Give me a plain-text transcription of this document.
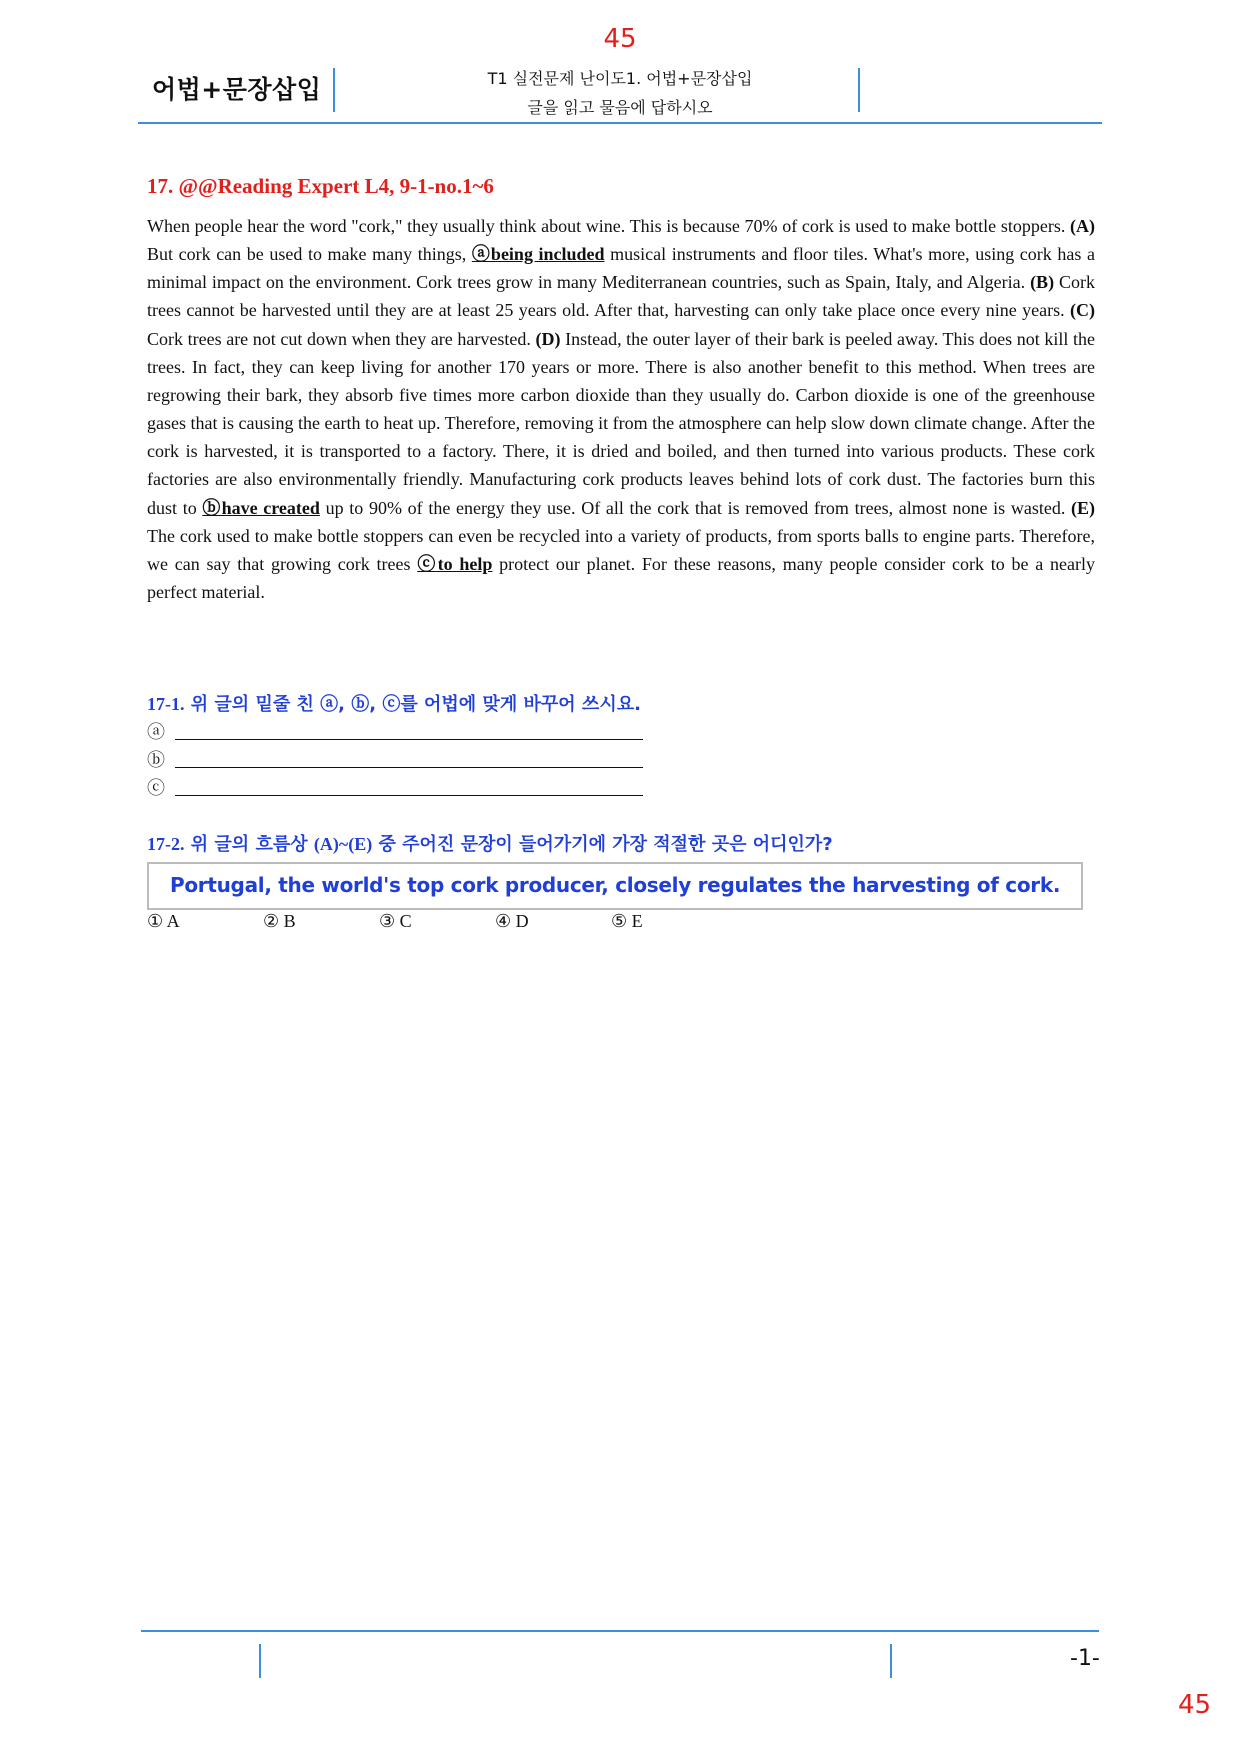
45
어법+문장삽입	T1 실전문제 난이도1. 어법+문장삽입
글을 읽고 물음에 답하시오
17. @@Reading Expert L4, 9-1-no.1~6
When people hear the word "cork," they usually think about wine. This is because 70% of cork is used to make bottle stoppers. (A) But cork can be used to make many things, ⓐbeing included musical instruments and floor tiles. What's more, using cork has a minimal impact on the environment. Cork trees grow in many Mediterranean countries, such as Spain, Italy, and Algeria. (B) Cork trees cannot be harvested until they are at least 25 years old. After that, harvesting can only take place once every nine years. (C) Cork trees are not cut down when they are harvested. (D) Instead, the outer layer of their bark is peeled away. This does not kill the trees. In fact, they can keep living for another 170 years or more. There is also another benefit to this method. When trees are regrowing their bark, they absorb five times more carbon dioxide than they usually do. Carbon dioxide is one of the greenhouse gases that is causing the earth to heat up. Therefore, removing it from the atmosphere can help slow down climate change. After the cork is harvested, it is transported to a factory. There, it is dried and boiled, and then turned into various products. These cork factories are also environmentally friendly. Manufacturing cork products leaves behind lots of cork dust. The factories burn this dust to ⓑhave created up to 90% of the energy they use. Of all the cork that is removed from trees, almost none is wasted. (E) The cork used to make bottle stoppers can even be recycled into a variety of products, from sports balls to engine parts. Therefore, we can say that growing cork trees ⓒto help protect our planet. For these reasons, many people consider cork to be a nearly perfect material.
17-1. 위 글의 밑줄 친 ⓐ, ⓑ, ⓒ를 어법에 맞게 바꾸어 쓰시요.
ⓐ
ⓑ
ⓒ
17-2. 위 글의 흐름상 (A)~(E) 중 주어진 문장이 들어가기에 가장 적절한 곳은 어디인가?
Portugal, the world's top cork producer, closely regulates the harvesting of cork.
① A	② B	③ C	④ D	⑤ E
-1-
45
